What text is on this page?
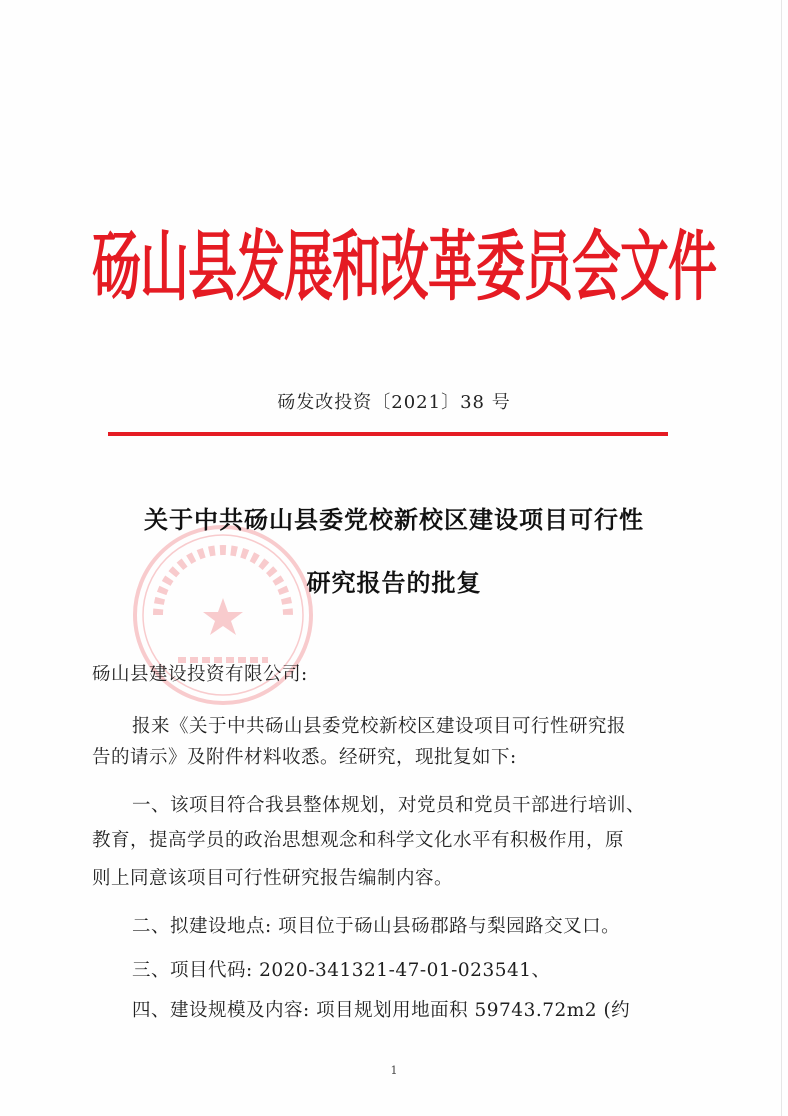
砀山县发展和改革委员会文件
砀发改投资〔2021〕38 号
关于中共砀山县委党校新校区建设项目可行性
研究报告的批复
砀山县建设投资有限公司:
报来《关于中共砀山县委党校新校区建设项目可行性研究报
告的请示》及附件材料收悉。经研究，现批复如下:
一、该项目符合我县整体规划，对党员和党员干部进行培训、
教育，提高学员的政治思想观念和科学文化水平有积极作用，原
则上同意该项目可行性研究报告编制内容。
二、拟建设地点: 项目位于砀山县砀郡路与梨园路交叉口。
三、项目代码: 2020-341321-47-01-023541、
四、建设规模及内容: 项目规划用地面积 59743.72m2 (约
1
